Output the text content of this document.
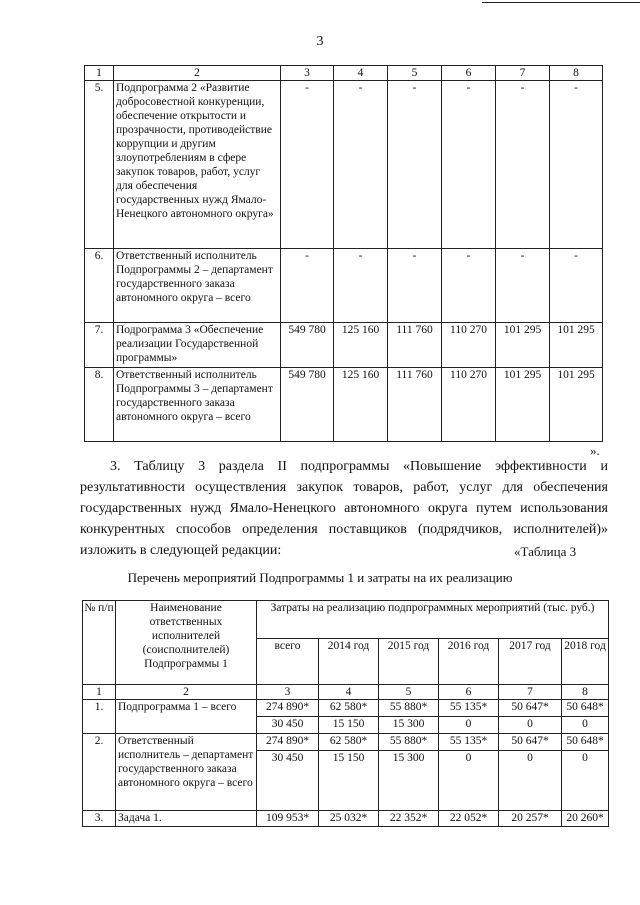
3
1	2	3	4	5	6	7	8
5.	Подпрограмма 2 «Развитие добросовестной конкуренции, обеспечение открытости и прозрачности, противодействие коррупции и другим злоупотреблениям в сфере закупок товаров, работ, услуг для обеспечения государственных нужд Ямало-Ненецкого автономного округа»	-	-	-	-	-	-
6.	Ответственный исполнитель Подпрограммы 2 – департамент государственного заказа автономного округа – всего	-	-	-	-	-	-
7.	Подрограмма 3 «Обеспечение реализации Государственной программы»	549 780	125 160	111 760	110 270	101 295	101 295
8.	Ответственный исполнитель Подпрограммы 3 – департамент государственного заказа автономного округа – всего	549 780	125 160	111 760	110 270	101 295	101 295
».
3. Таблицу 3 раздела II подпрограммы «Повышение эффективности и результативности осуществления закупок товаров, работ, услуг для обеспечения государственных нужд Ямало-Ненецкого автономного округа путем использования конкурентных способов определения поставщиков (подрядчиков, исполнителей)» изложить в следующей редакции:	«Таблица 3
Перечень мероприятий Подпрограммы 1 и затраты на их реализацию
№ п/п	Наименование ответственных исполнителей (соисполнителей) Подпрограммы 1	Затраты на реализацию подпрограммных мероприятий (тыс. руб.)					
		всего	2014 год	2015 год	2016 год	2017 год	2018 год
1	2	3	4	5	6	7	8
1.	Подпрограмма 1 – всего	274 890*	62 580*	55 880*	55 135*	50 647*	50 648*
		30 450	15 150	15 300	0	0	0
2.	Ответственный исполнитель – департамент государственного заказа автономного округа – всего	274 890*	62 580*	55 880*	55 135*	50 647*	50 648*
		30 450	15 150	15 300	0	0	0
3.	Задача 1.	109 953*	25 032*	22 352*	22 052*	20 257*	20 260*
